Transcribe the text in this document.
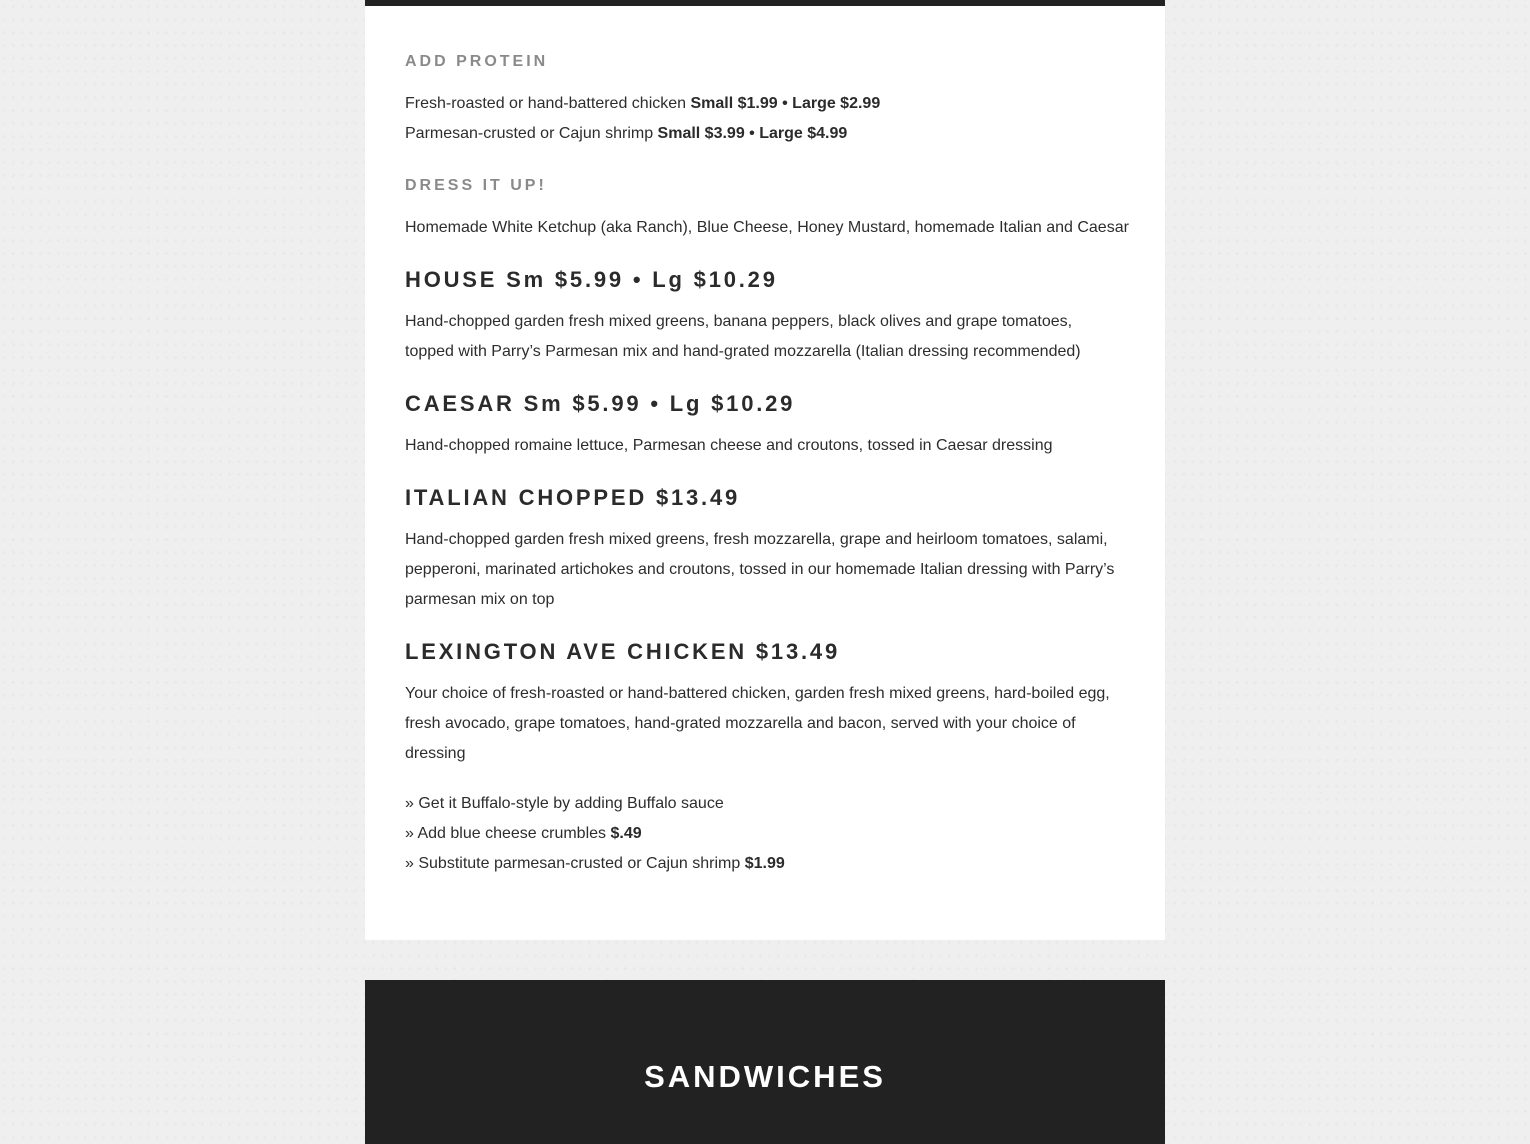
ADD PROTEIN

Fresh-roasted or hand-battered chicken Small $1.99 • Large $2.99

Parmesan-crusted or Cajun shrimp Small $3.99 • Large $4.99

DRESS IT UP!

Homemade White Ketchup (aka Ranch), Blue Cheese, Honey Mustard, homemade Italian and Caesar

HOUSE Sm $5.99 • Lg $10.29

Hand-chopped garden fresh mixed greens, banana peppers, black olives and grape tomatoes, topped with Parry’s Parmesan mix and hand-grated mozzarella (Italian dressing recommended)

CAESAR Sm $5.99 • Lg $10.29

Hand-chopped romaine lettuce, Parmesan cheese and croutons, tossed in Caesar dressing

ITALIAN CHOPPED $13.49

Hand-chopped garden fresh mixed greens, fresh mozzarella, grape and heirloom tomatoes, salami, pepperoni, marinated artichokes and croutons, tossed in our homemade Italian dressing with Parry’s parmesan mix on top

LEXINGTON AVE CHICKEN $13.49

Your choice of fresh-roasted or hand-battered chicken, garden fresh mixed greens, hard-boiled egg, fresh avocado, grape tomatoes, hand-grated mozzarella and bacon, served with your choice of dressing

» Get it Buffalo-style by adding Buffalo sauce

» Add blue cheese crumbles $.49

» Substitute parmesan-crusted or Cajun shrimp $1.99

SANDWICHES
